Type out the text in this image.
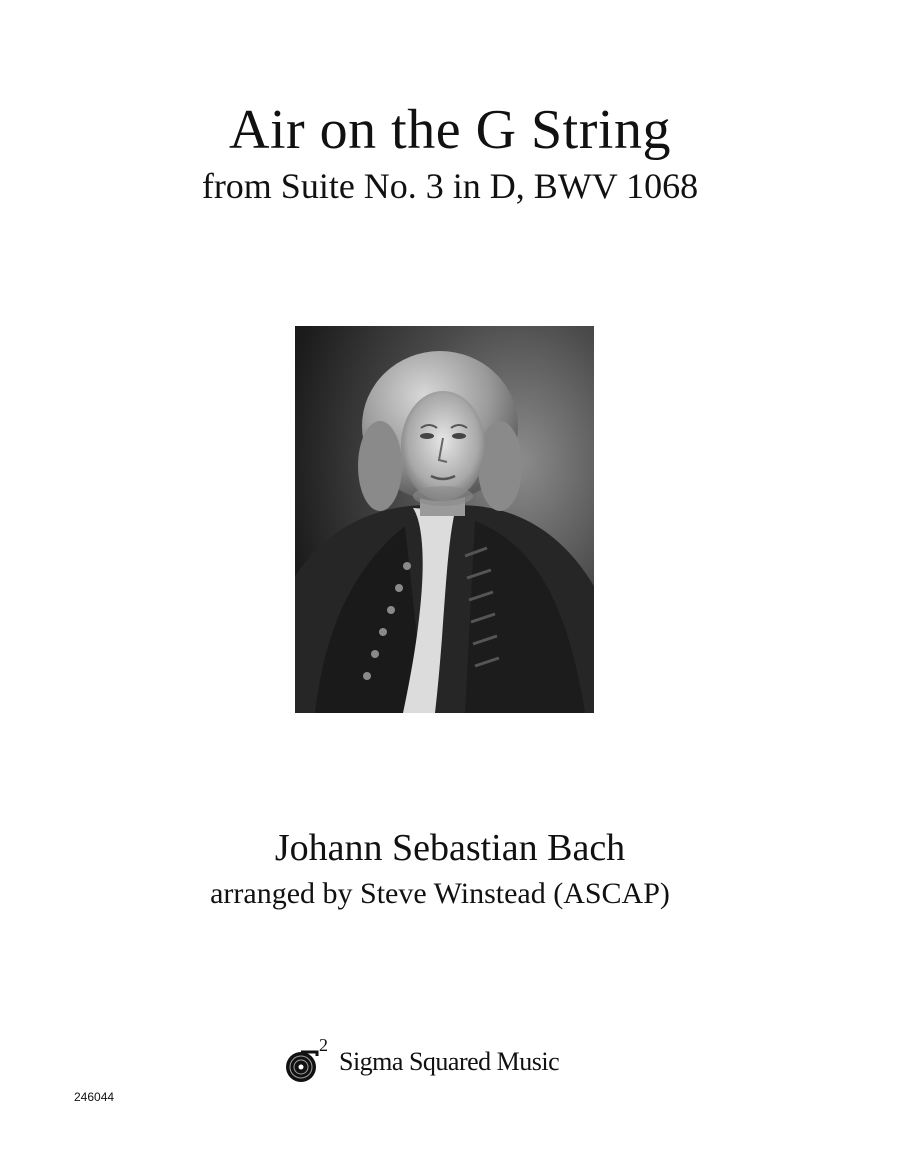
Air on the G String
from Suite No. 3 in D, BWV 1068
Johann Sebastian Bach

arranged by Steve Winstead (ASCAP)

2
Sigma Squared Music
246044
